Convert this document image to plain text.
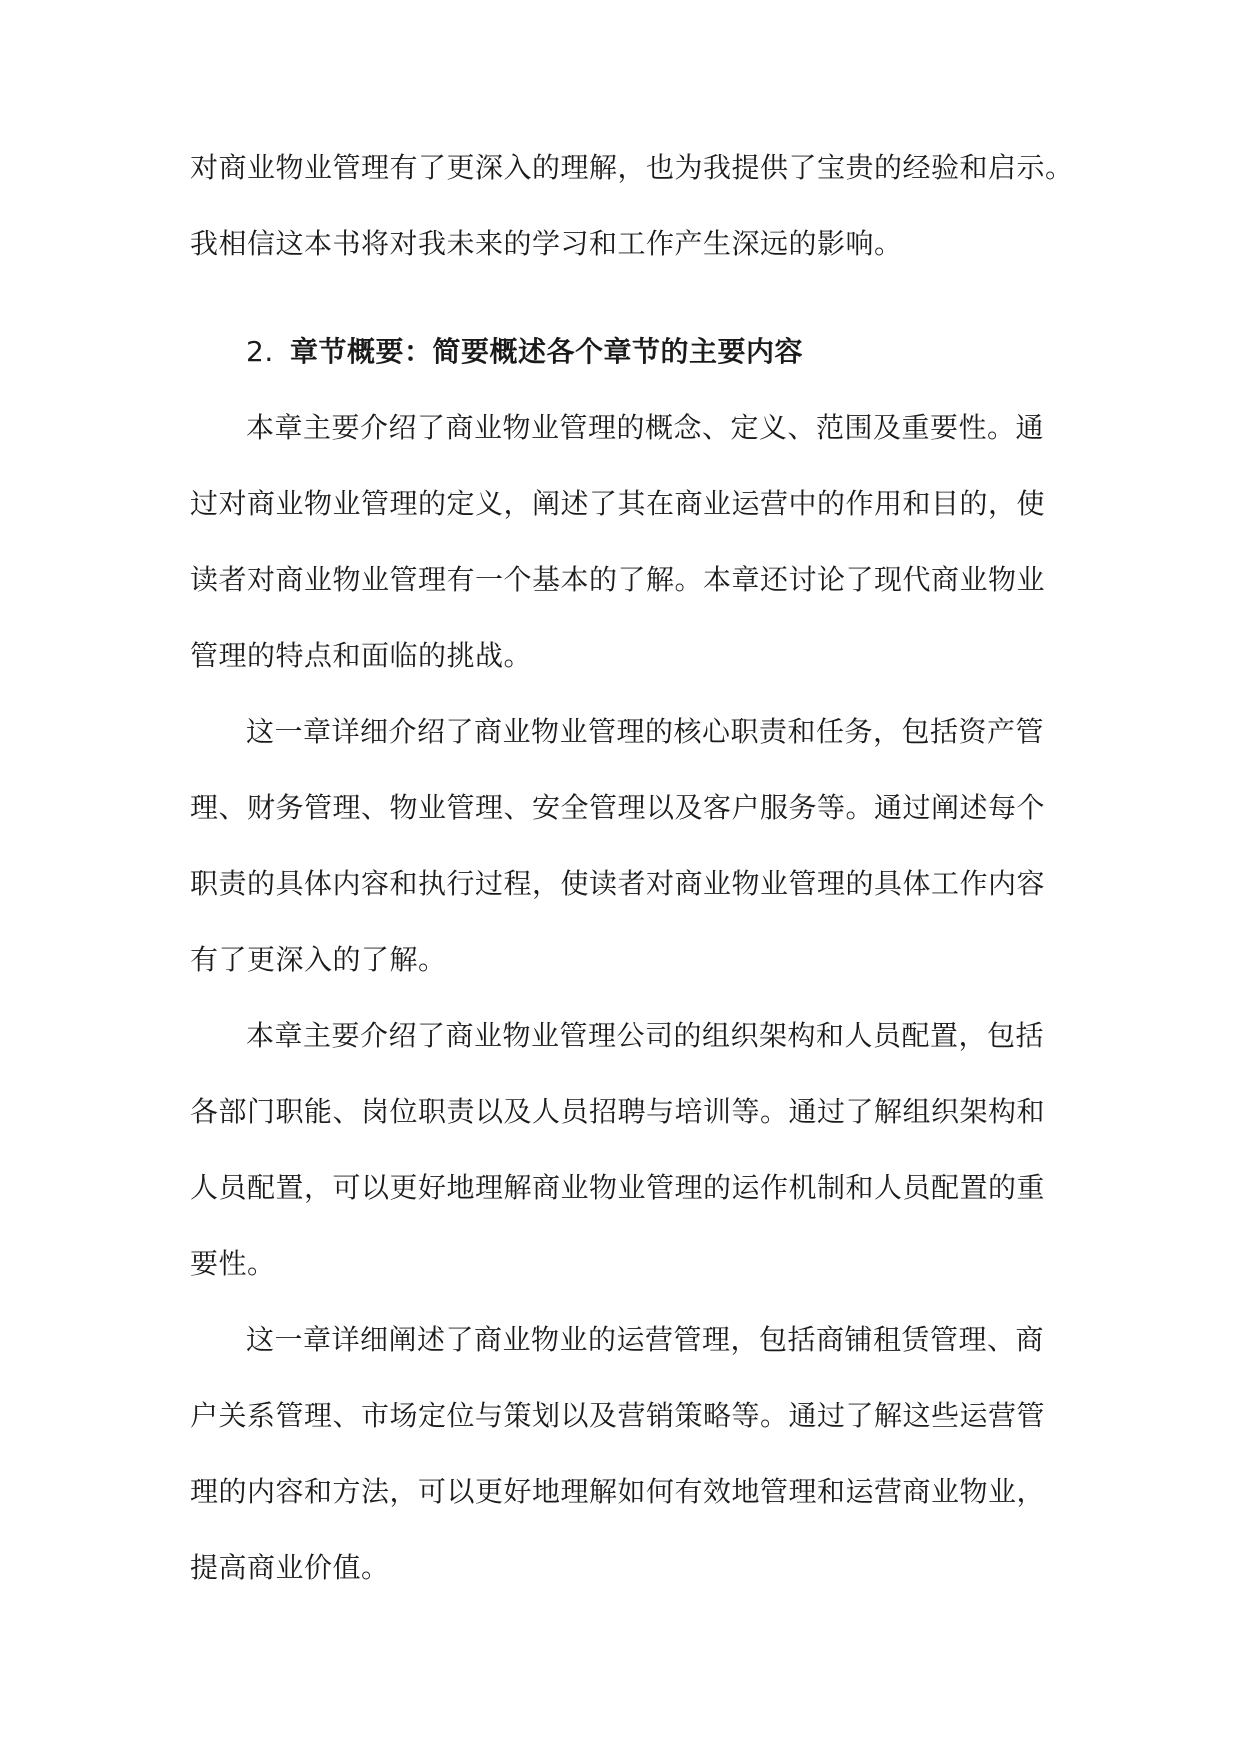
对商业物业管理有了更深入的理解，也为我提供了宝贵的经验和启示。
我相信这本书将对我未来的学习和工作产生深远的影响。
2. 章节概要：简要概述各个章节的主要内容
本章主要介绍了商业物业管理的概念、定义、范围及重要性。通
过对商业物业管理的定义，阐述了其在商业运营中的作用和目的，使
读者对商业物业管理有一个基本的了解。本章还讨论了现代商业物业
管理的特点和面临的挑战。
这一章详细介绍了商业物业管理的核心职责和任务，包括资产管
理、财务管理、物业管理、安全管理以及客户服务等。通过阐述每个
职责的具体内容和执行过程，使读者对商业物业管理的具体工作内容
有了更深入的了解。
本章主要介绍了商业物业管理公司的组织架构和人员配置，包括
各部门职能、岗位职责以及人员招聘与培训等。通过了解组织架构和
人员配置，可以更好地理解商业物业管理的运作机制和人员配置的重
要性。
这一章详细阐述了商业物业的运营管理，包括商铺租赁管理、商
户关系管理、市场定位与策划以及营销策略等。通过了解这些运营管
理的内容和方法，可以更好地理解如何有效地管理和运营商业物业，
提高商业价值。
